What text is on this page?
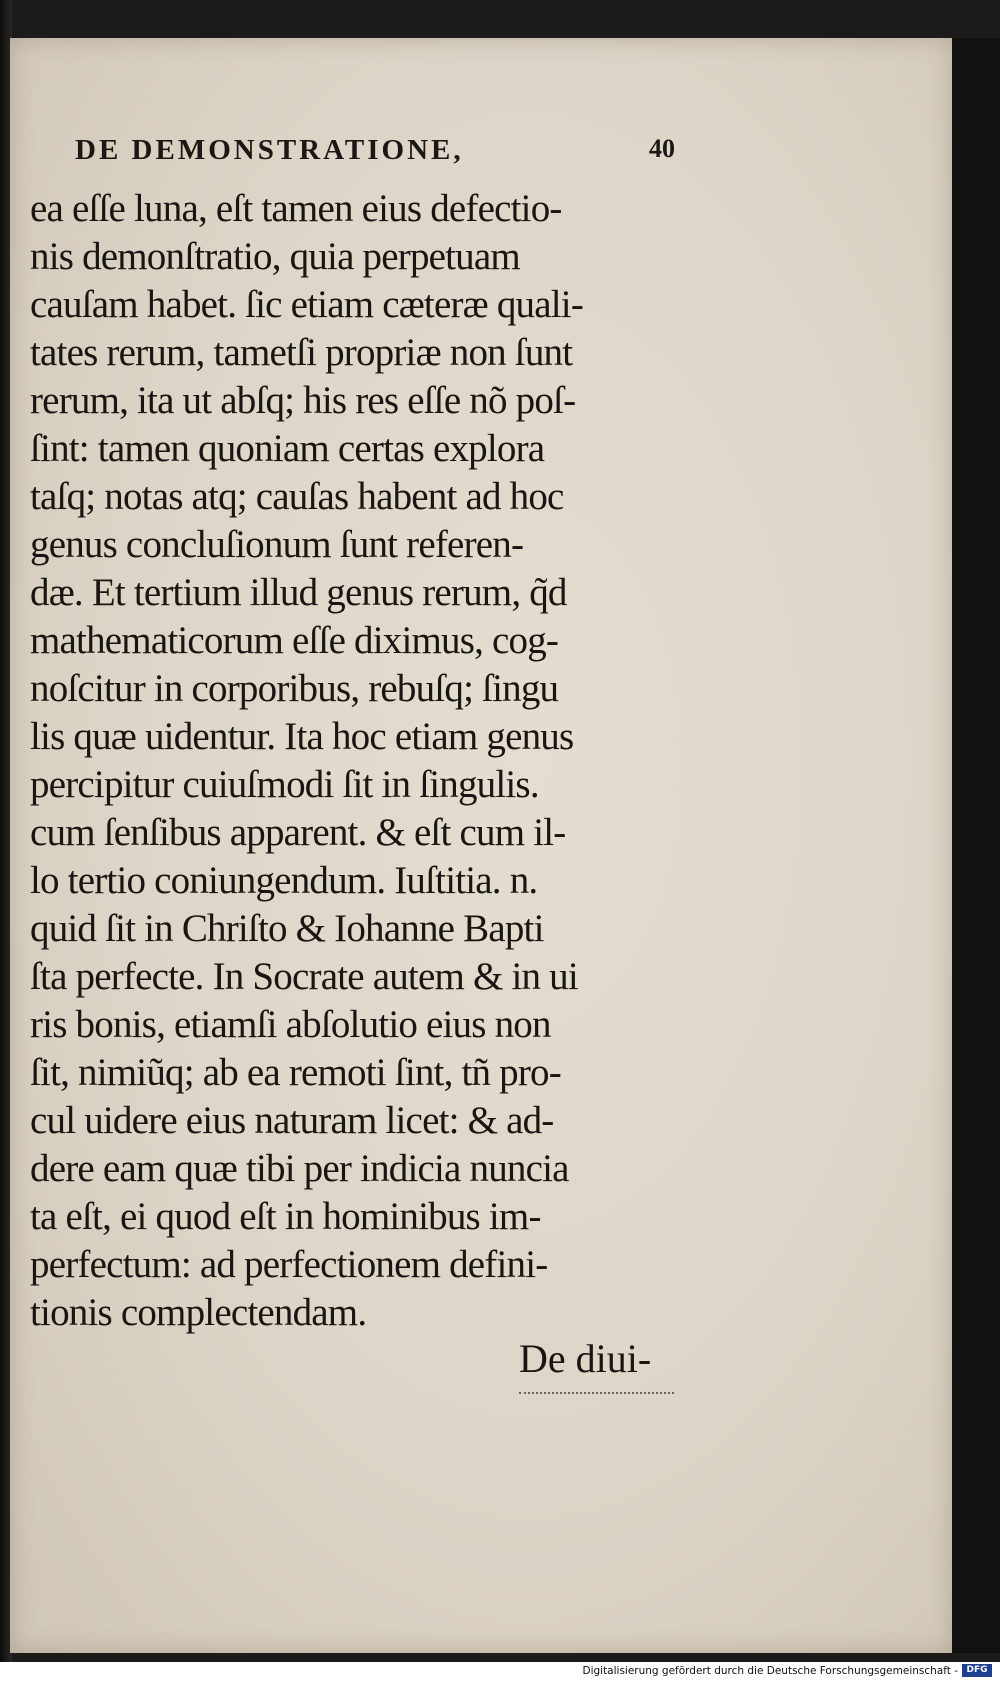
DE DEMONSTRATIONE,	40
ea eſſe luna, eſt tamen eius defectio-
nis demonſtratio, quia perpetuam
cauſam habet. ſic etiam cæteræ quali-
tates rerum, tametſi propriæ non ſunt
rerum, ita ut abſq; his res eſſe nõ poſ-
ſint: tamen quoniam certas explora
taſq; notas atq; cauſas habent ad hoc
genus concluſionum ſunt referen-
dæ. Et tertium illud genus rerum, q̃d
mathematicorum eſſe diximus, cog-
noſcitur in corporibus, rebuſq; ſingu
lis quæ uidentur. Ita hoc etiam genus
percipitur cuiuſmodi ſit in ſingulis.
cum ſenſibus apparent. & eſt cum il-
lo tertio coniungendum. Iuſtitia. n.
quid ſit in Chriſto & Iohanne Bapti
ſta perfecte. In Socrate autem & in ui
ris bonis, etiamſi abſolutio eius non
ſit, nimiũq; ab ea remoti ſint, tñ pro-
cul uidere eius naturam licet: & ad-
dere eam quæ tibi per indicia nuncia
ta eſt, ei quod eſt in hominibus im-
perfectum: ad perfectionem defini-
tionis complectendam.
De diui-
Digitalisierung gefördert durch die Deutsche Forschungsgemeinschaft - DFG
